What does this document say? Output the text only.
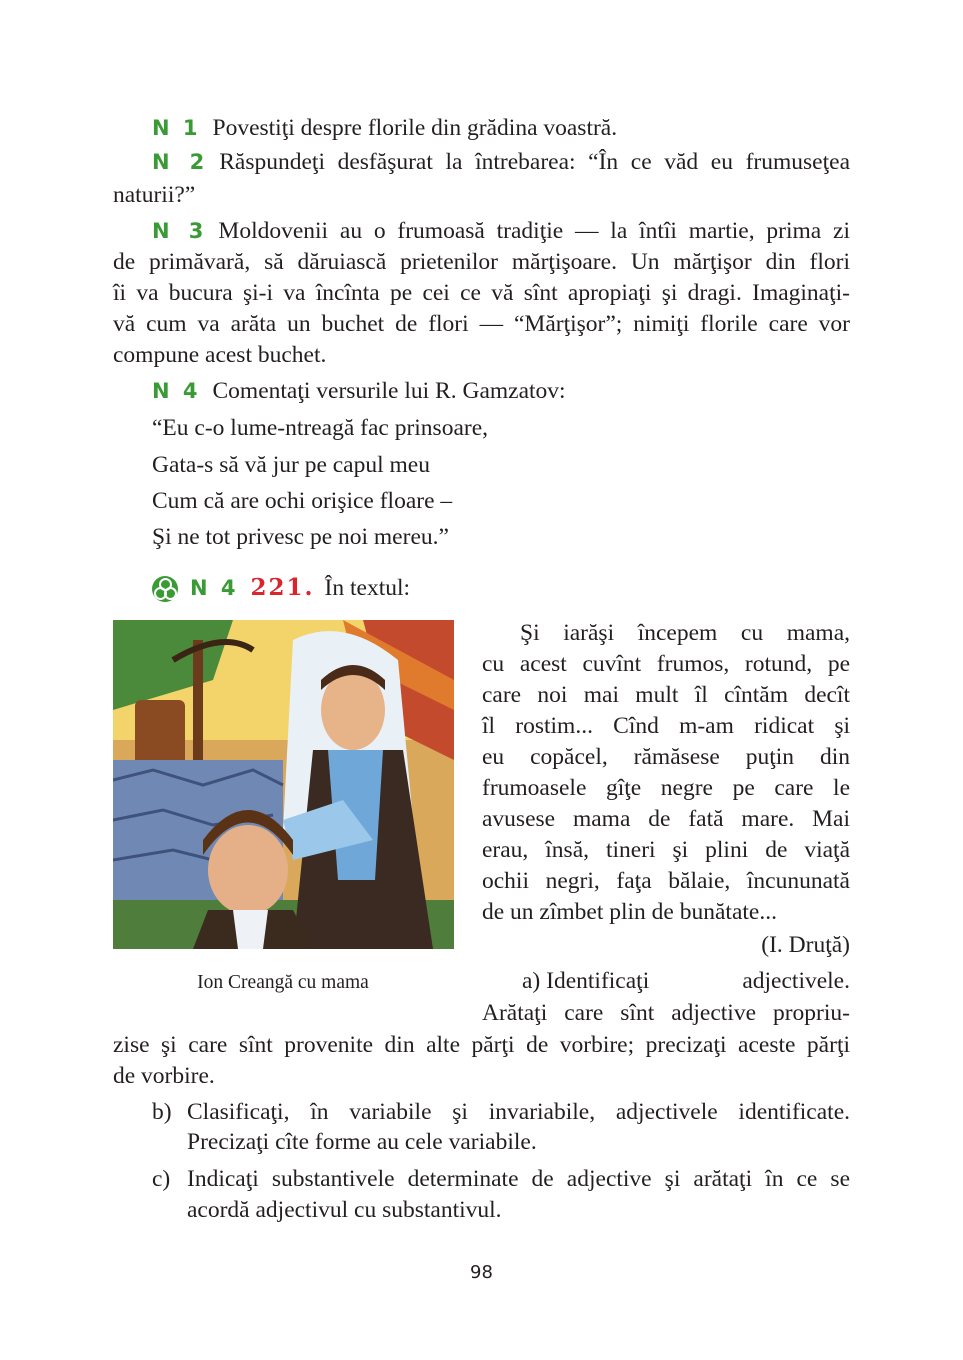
N 1 Povestiţi despre florile din grădina voastră.
N 2 Răspundeţi desfăşurat la întrebarea: “În ce văd eu frumuseţea
naturii?”
N 3 Moldovenii au o frumoasă tradiţie — la întîi martie, prima zi
de primăvară, să dăruiască prietenilor mărţişoare. Un mărţişor din flori
îi va bucura şi-i va încînta pe cei ce vă sînt apropiaţi şi dragi. Imaginaţi-
vă cum va arăta un buchet de flori — “Mărţişor”; nimiţi florile care vor
compune acest buchet.
N 4 Comentaţi versurile lui R. Gamzatov:
“Eu c-o lume-ntreagă fac prinsoare,
Gata-s să vă jur pe capul meu
Cum că are ochi orişice floare –
Şi ne tot privesc pe noi mereu.”
N 4 221. În textul:
Ion Creangă cu mama
Şi iarăşi începem cu mama,
cu acest cuvînt frumos, rotund, pe
care noi mai mult îl cîntăm decît
îl rostim... Cînd m-am ridicat şi
eu copăcel, rămăsese puţin din
frumoasele gîţe negre pe care le
avusese mama de fată mare. Mai
erau, însă, tineri şi plini de viaţă
ochii negri, faţa bălaie, încununată
de un zîmbet plin de bunătate...
(I. Druţă)
a) Identificaţi	adjectivele.
Arătaţi care sînt adjective propriu-
zise şi care sînt provenite din alte părţi de vorbire; precizaţi aceste părţi
de vorbire.
b) Clasificaţi, în variabile şi invariabile, adjectivele identificate.
Precizaţi cîte forme au cele variabile.
c) Indicaţi substantivele determinate de adjective şi arătaţi în ce se
acordă adjectivul cu substantivul.
98
